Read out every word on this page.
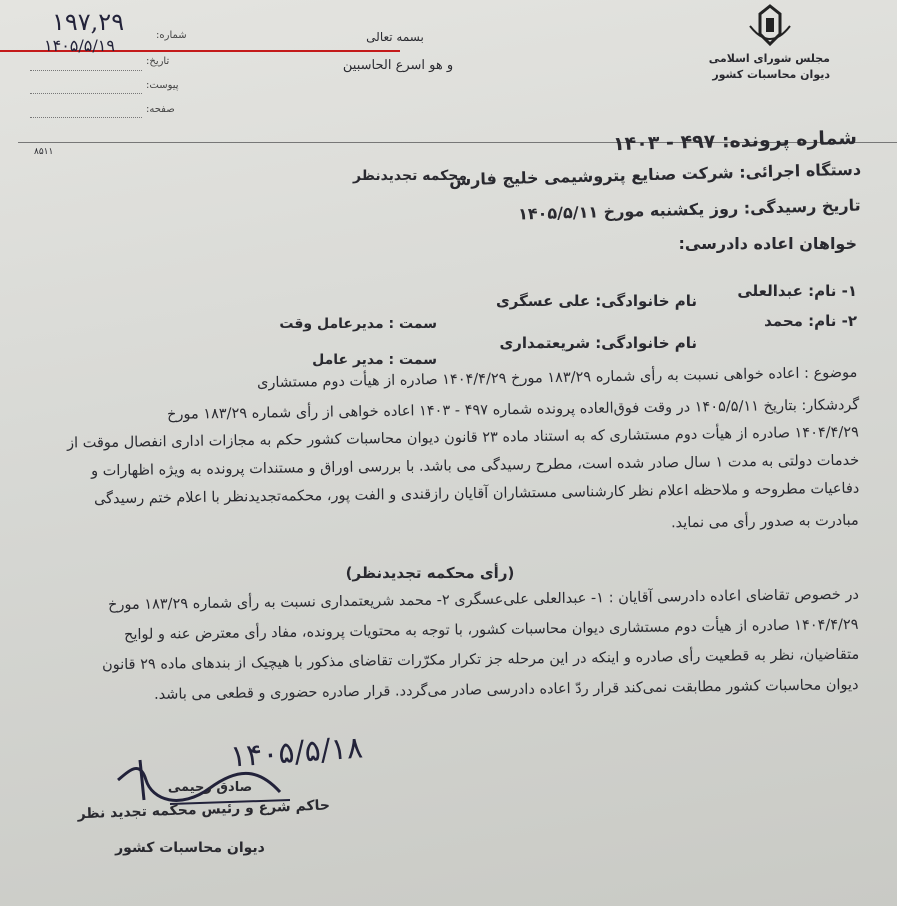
۱۹۷,۲۹
۱۴۰۵/۵/۱۹
شماره:
تاریخ:
پیوست:
صفحه:
بسمه تعالی
و هو اسرع الحاسبین	مجلس شورای اسلامی
دیوان محاسبات کشور
۸۵۱۱
محکمه تجدیدنظر
شماره پرونده: ۴۹۷ - ۱۴۰۳
دستگاه اجرائی: شرکت صنایع پتروشیمی خلیج فارس
تاریخ رسیدگی: روز یکشنبه مورخ ۱۴۰۵/۵/۱۱
خواهان اعاده دادرسی:
۱- نام: عبدالعلی
نام خانوادگی: علی عسگری
سمت : مدیرعامل وقت	۲- نام: محمد
نام خانوادگی: شریعتمداری
سمت : مدیر عامل
موضوع : اعاده خواهی نسبت به رأی شماره ۱۸۳/۲۹ مورخ ۱۴۰۴/۴/۲۹ صادره از هیأت دوم مستشاری
گردشکار: بتاریخ ۱۴۰۵/۵/۱۱ در وقت فوق‌العاده پرونده شماره ۴۹۷ - ۱۴۰۳ اعاده خواهی از رأی شماره ۱۸۳/۲۹ مورخ
۱۴۰۴/۴/۲۹ صادره از هیأت دوم مستشاری که به استناد ماده ۲۳ قانون دیوان محاسبات کشور حکم به مجازات اداری انفصال موقت از
خدمات دولتی به مدت ۱ سال صادر شده است، مطرح رسیدگی می باشد. با بررسی اوراق و مستندات پرونده به ویژه اظهارات و
دفاعیات مطروحه و ملاحظه اعلام نظر کارشناسی مستشاران آقایان رازقندی و الفت پور، محکمه‌تجدیدنظر با اعلام ختم رسیدگی
مبادرت به صدور رأی می نماید.
(رأی محکمه تجدیدنظر)
در خصوص تقاضای اعاده دادرسی آقایان : ۱- عبدالعلی علی‌عسگری ۲- محمد شریعتمداری نسبت به رأی شماره ۱۸۳/۲۹ مورخ
۱۴۰۴/۴/۲۹ صادره از هیأت دوم مستشاری دیوان محاسبات کشور، با توجه به محتویات پرونده، مفاد رأی معترض عنه و لوایح
متقاضیان، نظر به قطعیت رأی صادره و اینکه در این مرحله جز تکرار مکرّرات تقاضای مذکور با هیچیک از بندهای ماده ۲۹ قانون
دیوان محاسبات کشور مطابقت نمی‌کند قرار ردّ اعاده دادرسی صادر می‌گردد. قرار صادره حضوری و قطعی می باشد.
۱۴۰۵/۵/۱۸
صادق رحیمی
حاکم شرع و رئیس محکمه تجدید نظر
دیوان محاسبات کشور
